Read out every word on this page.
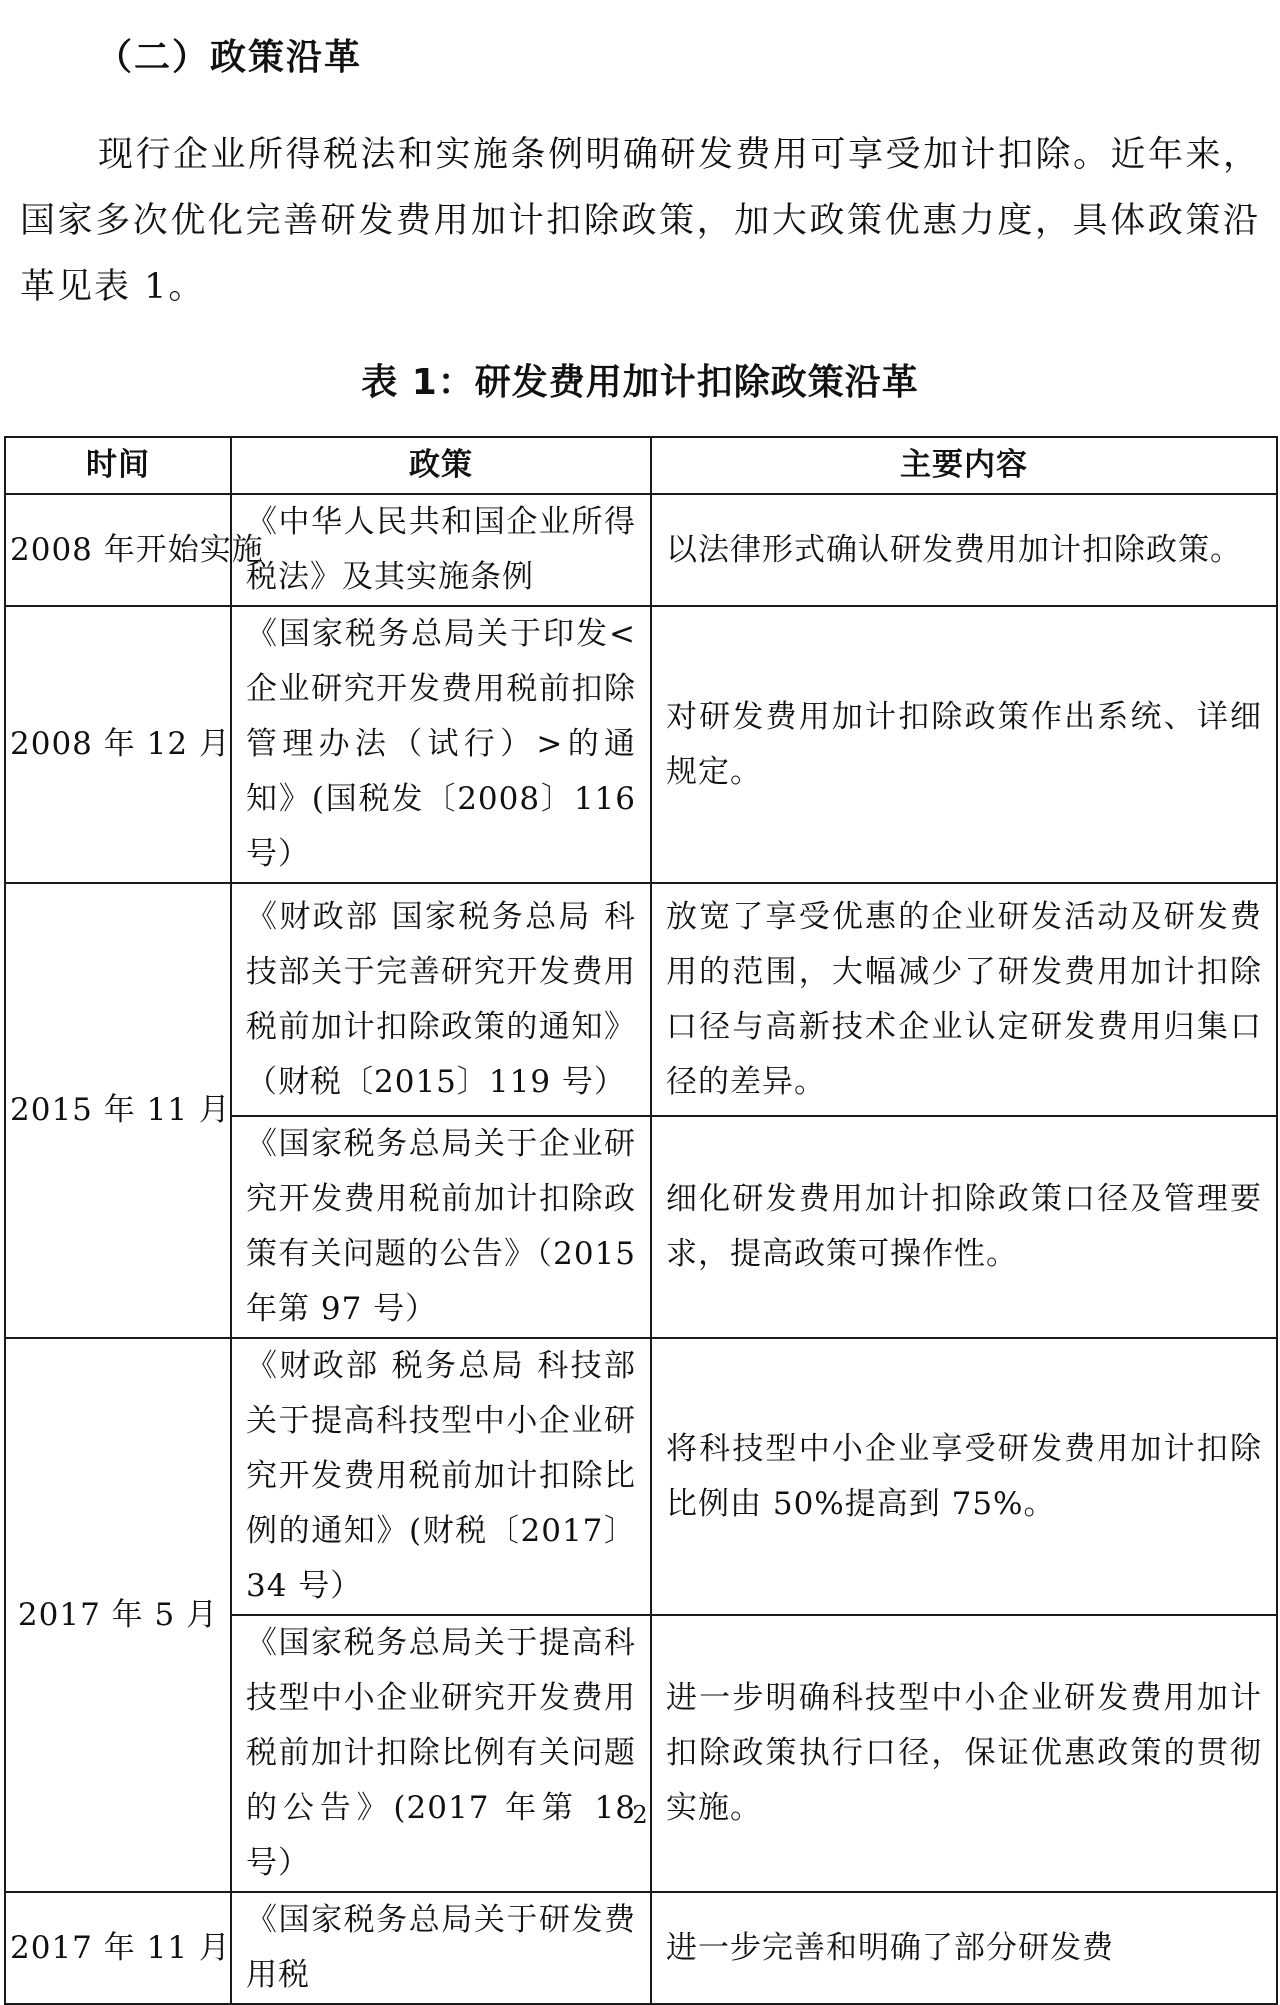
（二）政策沿革

现行企业所得税法和实施条例明确研发费用可享受加计扣除。近年来，国家多次优化完善研发费用加计扣除政策，加大政策优惠力度，具体政策沿革见表 1。

表 1：研发费用加计扣除政策沿革
时间	政策	主要内容
2008 年开始实施	《中华人民共和国企业所得税法》及其实施条例	以法律形式确认研发费用加计扣除政策。
2008 年 12 月	《国家税务总局关于印发<企业研究开发费用税前扣除管理办法（试行）>的通知》(国税发〔2008〕116 号）	对研发费用加计扣除政策作出系统、详细规定。
2015 年 11 月	《财政部 国家税务总局 科技部关于完善研究开发费用税前加计扣除政策的通知》（财税〔2015〕119 号）	放宽了享受优惠的企业研发活动及研发费用的范围，大幅减少了研发费用加计扣除口径与高新技术企业认定研发费用归集口径的差异。
	《国家税务总局关于企业研究开发费用税前加计扣除政策有关问题的公告》（2015 年第 97 号）	细化研发费用加计扣除政策口径及管理要求，提高政策可操作性。
2017 年 5 月	《财政部 税务总局 科技部关于提高科技型中小企业研究开发费用税前加计扣除比例的通知》(财税〔2017〕34 号）	将科技型中小企业享受研发费用加计扣除比例由 50%提高到 75%。
	《国家税务总局关于提高科技型中小企业研究开发费用税前加计扣除比例有关问题的公告》(2017 年第 18 号）	进一步明确科技型中小企业研发费用加计扣除政策执行口径，保证优惠政策的贯彻实施。
2017 年 11 月	《国家税务总局关于研发费用税	进一步完善和明确了部分研发费
2
